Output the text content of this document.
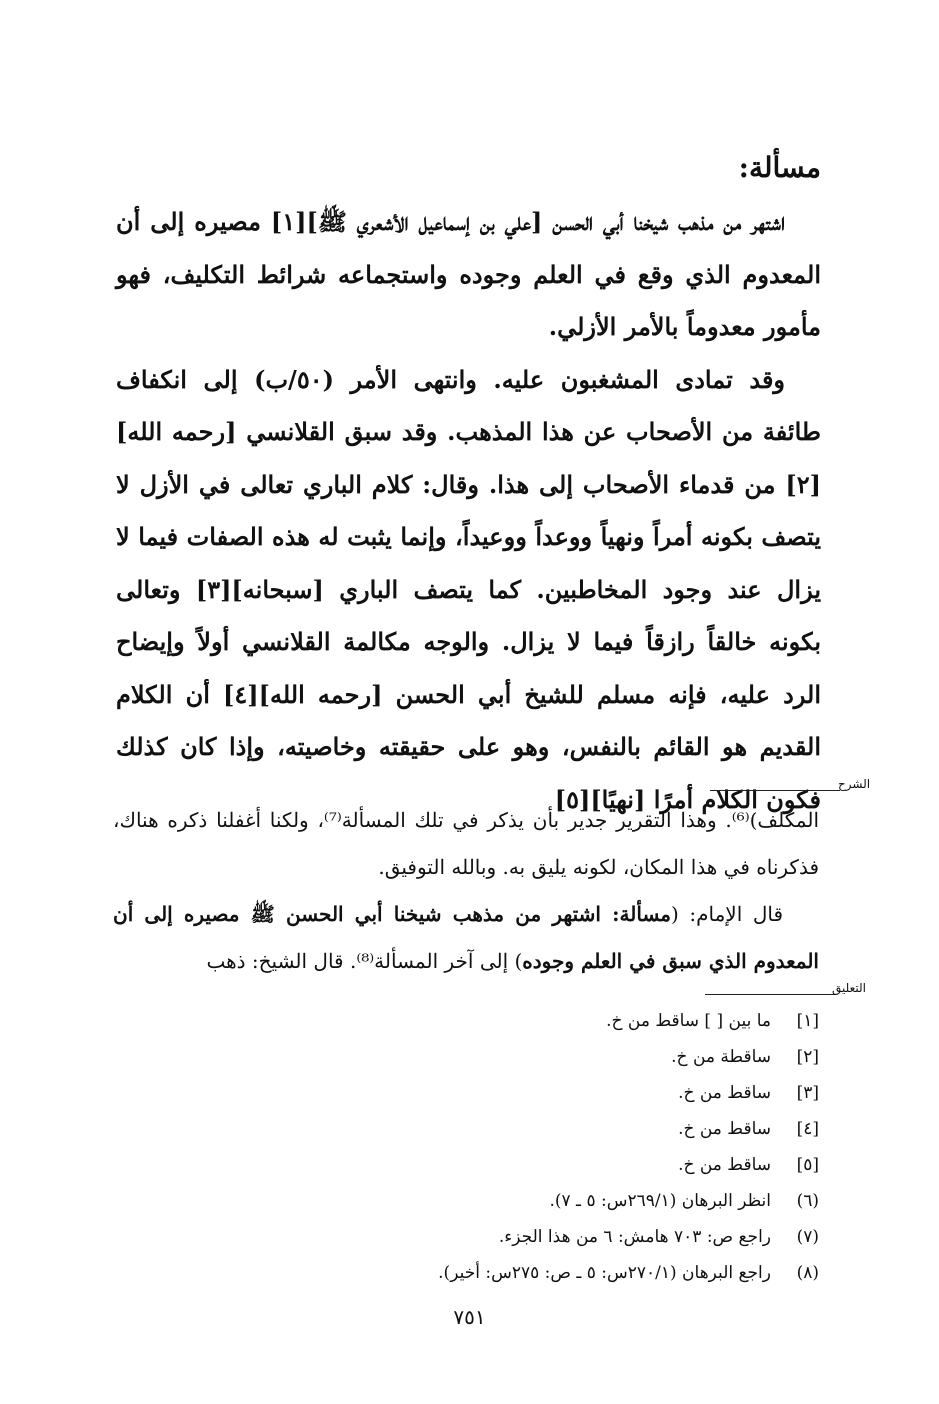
مسألة:

اشتهر من مذهب شيخنا أبي الحسن [علي بن إسماعيل الأشعري ﷺ][١] مصيره إلى أن المعدوم الذي وقع في العلم وجوده واستجماعه شرائط التكليف، فهو مأمور معدوماً بالأمر الأزلي.

وقد تمادى المشغبون عليه. وانتهى الأمر (٥٠/ب) إلى انكفاف طائفة من الأصحاب عن هذا المذهب. وقد سبق القلانسي [رحمه الله][٢] من قدماء الأصحاب إلى هذا. وقال: كلام الباري تعالى في الأزل لا يتصف بكونه أمراً ونهياً ووعداً ووعيداً، وإنما يثبت له هذه الصفات فيما لا يزال عند وجود المخاطبين. كما يتصف الباري [سبحانه][٣] وتعالى بكونه خالقاً رازقاً فيما لا يزال. والوجه مكالمة القلانسي أولاً وإيضاح الرد عليه، فإنه مسلم للشيخ أبي الحسن [رحمه الله][٤] أن الكلام القديم هو القائم بالنفس، وهو على حقيقته وخاصيته، وإذا كان كذلك فكون الكلام أمرًا [نهيًا][٥]

الشرح

المكلف)⁽⁶⁾. وهذا التقرير جدير بأن يذكر في تلك المسألة⁽⁷⁾، ولكنا أغفلنا ذكره هناك، فذكرناه في هذا المكان، لكونه يليق به. وبالله التوفيق.

قال الإمام: (مسألة: اشتهر من مذهب شيخنا أبي الحسن ﷺ مصيره إلى أن المعدوم الذي سبق في العلم وجوده) إلى آخر المسألة⁽⁸⁾. قال الشيخ: ذهب

التعليق
[١]
ما بين [ ] ساقط من خ.
[٢]
ساقطة من خ.
[٣]
ساقط من خ.
[٤]
ساقط من خ.
[٥]
ساقط من خ.
(٦)
انظر البرهان (٢٦٩/١س: ٥ ـ ٧).
(٧)
راجع ص: ٧٠٣ هامش: ٦ من هذا الجزء.
(٨)
راجع البرهان (٢٧٠/١س: ٥ ـ ص: ٢٧٥س: أخير).
٧٥١
